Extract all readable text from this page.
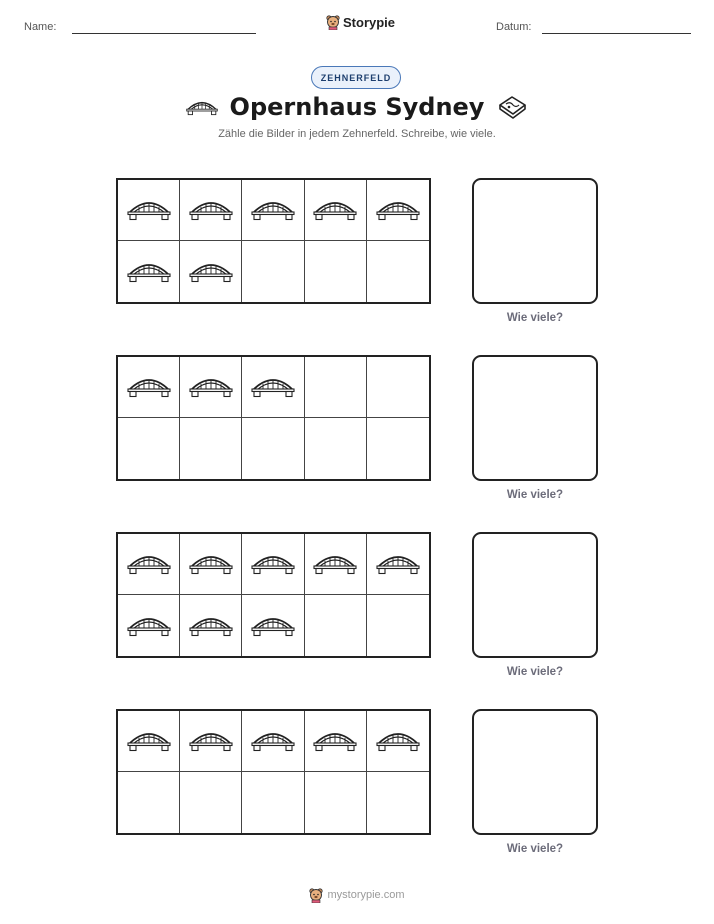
Name:	Storypie	Datum:
ZEHNERFELD
Opernhaus Sydney
Zähle die Bilder in jedem Zehnerfeld. Schreibe, wie viele.
Wie viele?
Wie viele?
Wie viele?
Wie viele?
mystorypie.com
